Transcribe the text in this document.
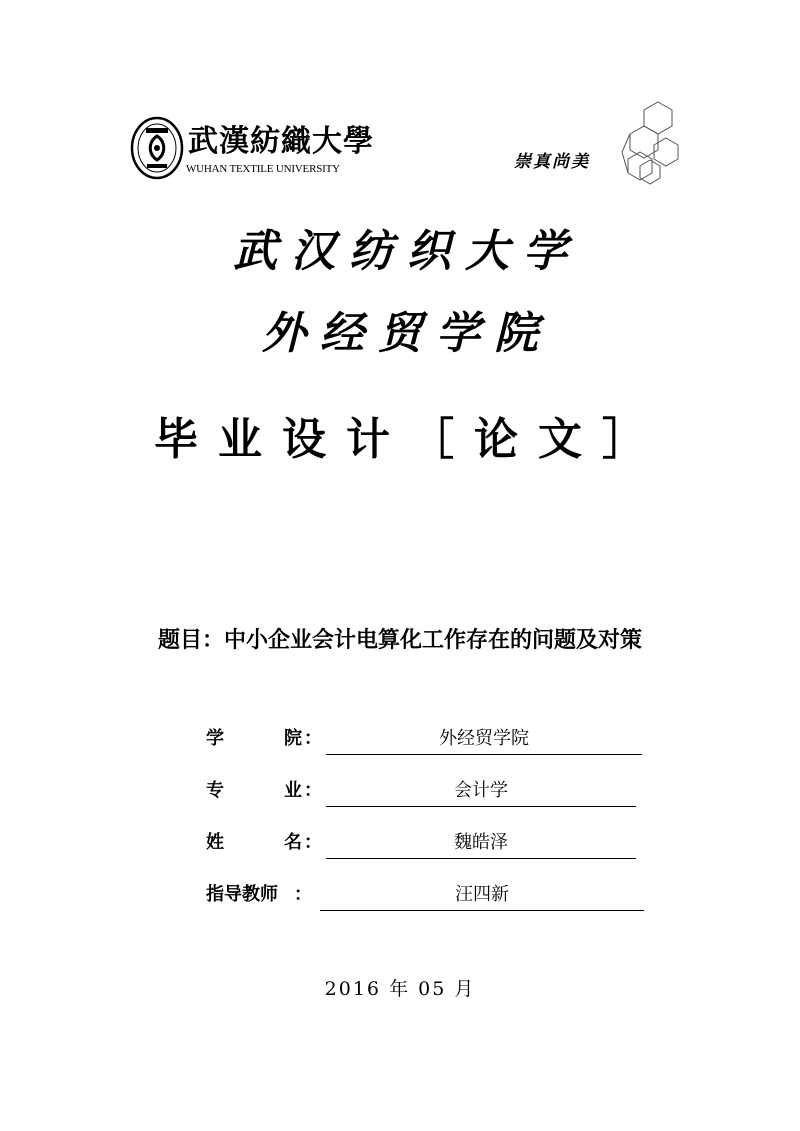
武漢紡織大學
WUHAN TEXTILE UNIVERSITY	崇真尚美
武汉纺织大学
外经贸学院
毕业设计［论文］
题目：中小企业会计电算化工作存在的问题及对策
学	院 ：	外经贸学院
专	业 ：	会计学
姓	名 ：	魏皓泽
指导教师 ：	汪四新
2016 年 05 月
